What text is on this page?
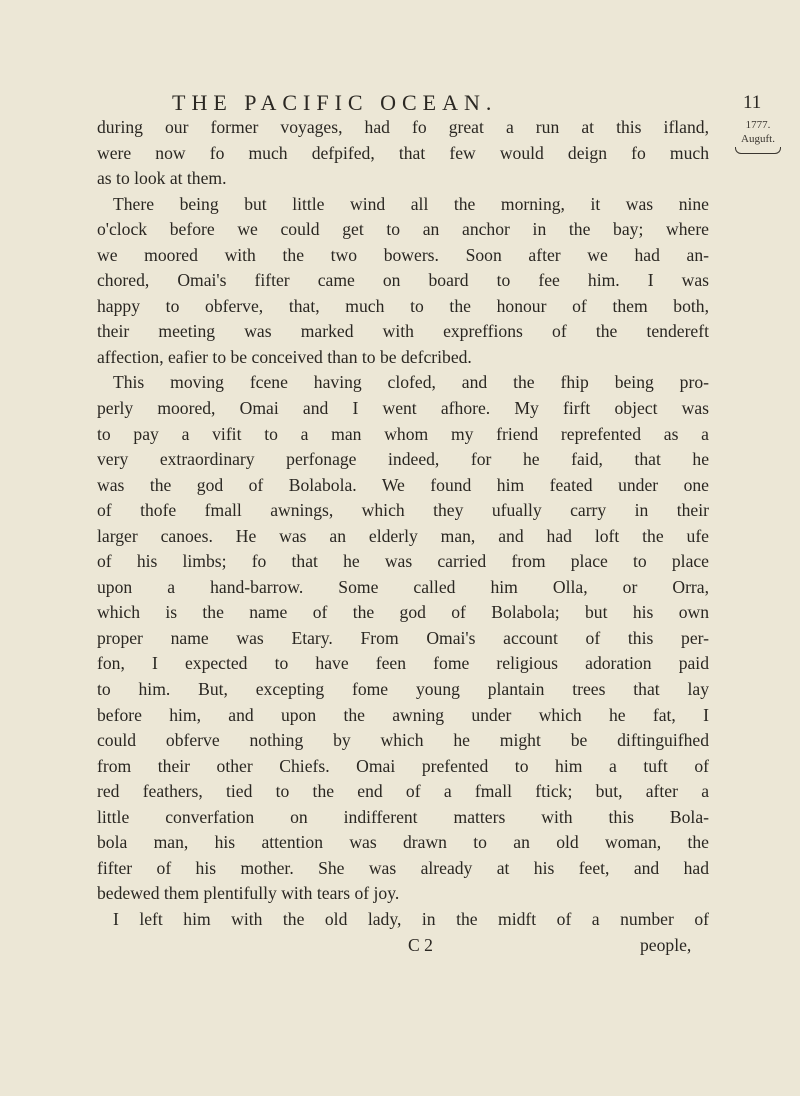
THE PACIFIC OCEAN.	11
1777.
Auguft.
during our former voyages, had fo great a run at this ifland,
were now fo much defpifed, that few would deign fo much
as to look at them.
There being but little wind all the morning, it was nine
o'clock before we could get to an anchor in the bay; where
we moored with the two bowers. Soon after we had an-
chored, Omai's fifter came on board to fee him. I was
happy to obferve, that, much to the honour of them both,
their meeting was marked with expreffions of the tendereft
affection, eafier to be conceived than to be defcribed.
This moving fcene having clofed, and the fhip being pro-
perly moored, Omai and I went afhore. My firft object was
to pay a vifit to a man whom my friend reprefented as a
very extraordinary perfonage indeed, for he faid, that he
was the god of Bolabola. We found him feated under one
of thofe fmall awnings, which they ufually carry in their
larger canoes. He was an elderly man, and had loft the ufe
of his limbs; fo that he was carried from place to place
upon a hand-barrow. Some called him Olla, or Orra,
which is the name of the god of Bolabola; but his own
proper name was Etary. From Omai's account of this per-
fon, I expected to have feen fome religious adoration paid
to him. But, excepting fome young plantain trees that lay
before him, and upon the awning under which he fat, I
could obferve nothing by which he might be diftinguifhed
from their other Chiefs. Omai prefented to him a tuft of
red feathers, tied to the end of a fmall ftick; but, after a
little converfation on indifferent matters with this Bola-
bola man, his attention was drawn to an old woman, the
fifter of his mother. She was already at his feet, and had
bedewed them plentifully with tears of joy.
I left him with the old lady, in the midft of a number of
C 2	people,
